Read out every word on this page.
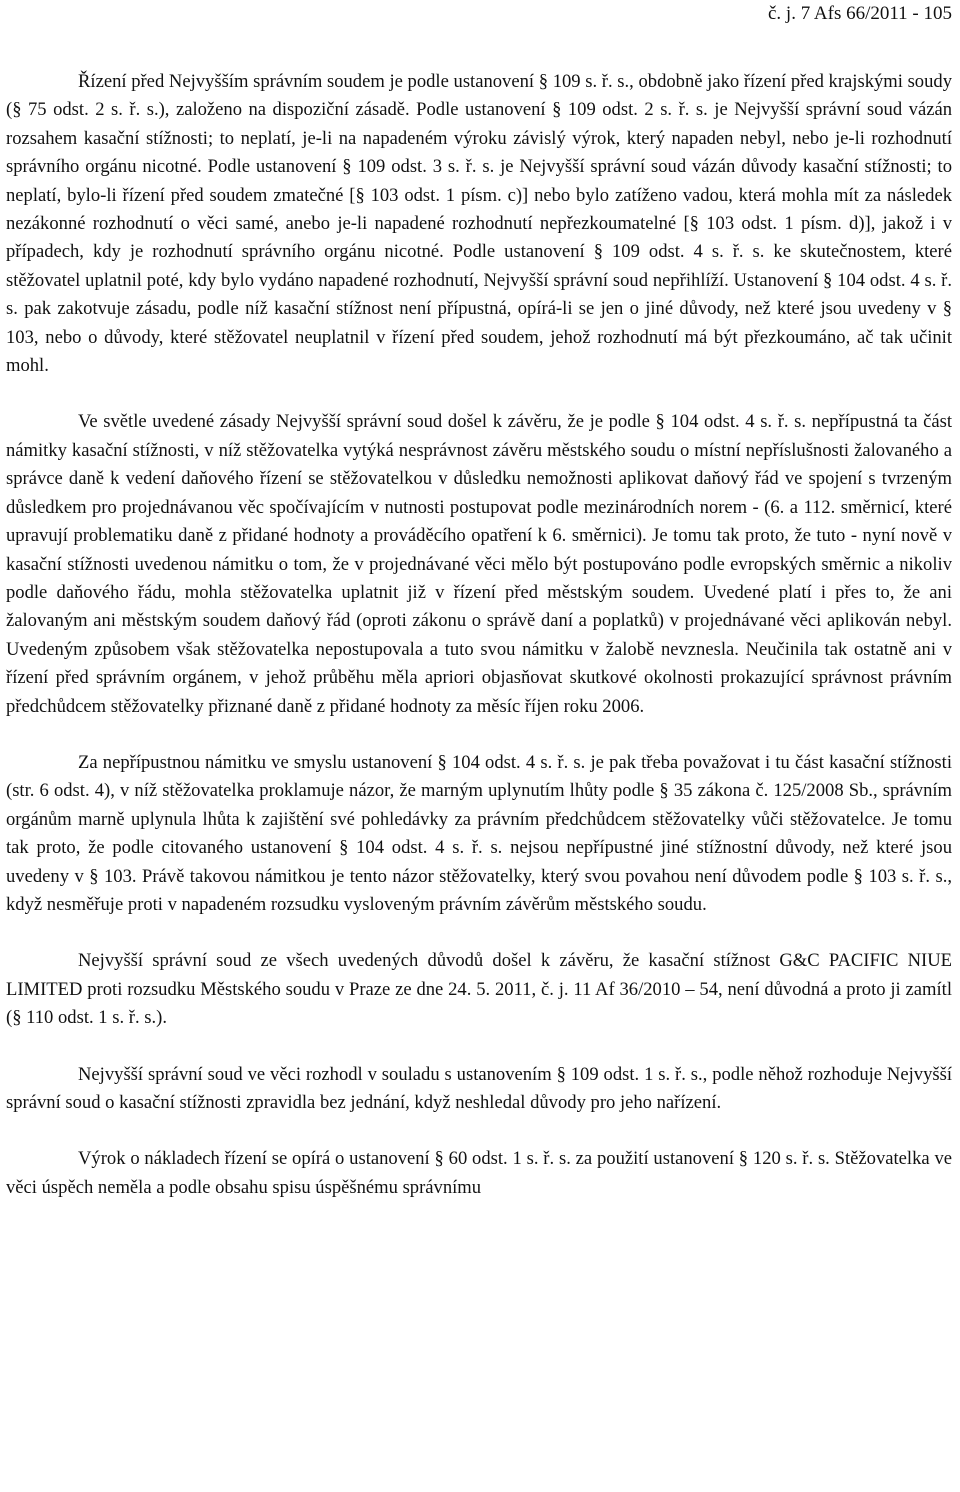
č. j. 7 Afs 66/2011 - 105

Řízení před Nejvyšším správním soudem je podle ustanovení § 109 s. ř. s., obdobně jako řízení před krajskými soudy (§ 75 odst. 2 s. ř. s.), založeno na dispoziční zásadě. Podle ustanovení § 109 odst. 2 s. ř. s. je Nejvyšší správní soud vázán rozsahem kasační stížnosti; to neplatí, je-li na napadeném výroku závislý výrok, který napaden nebyl, nebo je-li rozhodnutí správního orgánu nicotné. Podle ustanovení § 109 odst. 3 s. ř. s. je Nejvyšší správní soud vázán důvody kasační stížnosti; to neplatí, bylo-li řízení před soudem zmatečné [§ 103 odst. 1 písm. c)] nebo bylo zatíženo vadou, která mohla mít za následek nezákonné rozhodnutí o věci samé, anebo je-li napadené rozhodnutí nepřezkoumatelné [§ 103 odst. 1 písm. d)], jakož i v případech, kdy je rozhodnutí správního orgánu nicotné. Podle ustanovení § 109 odst. 4 s. ř. s. ke skutečnostem, které stěžovatel uplatnil poté, kdy bylo vydáno napadené rozhodnutí, Nejvyšší správní soud nepřihlíží. Ustanovení § 104 odst. 4 s. ř. s. pak zakotvuje zásadu, podle níž kasační stížnost není přípustná, opírá-li se jen o jiné důvody, než které jsou uvedeny v § 103, nebo o důvody, které stěžovatel neuplatnil v řízení před soudem, jehož rozhodnutí má být přezkoumáno, ač tak učinit mohl.

Ve světle uvedené zásady Nejvyšší správní soud došel k závěru, že je podle § 104 odst. 4 s. ř. s. nepřípustná ta část námitky kasační stížnosti, v níž stěžovatelka vytýká nesprávnost závěru městského soudu o místní nepříslušnosti žalovaného a správce daně k vedení daňového řízení se stěžovatelkou v důsledku nemožnosti aplikovat daňový řád ve spojení s tvrzeným důsledkem pro projednávanou věc spočívajícím v nutnosti postupovat podle mezinárodních norem - (6. a 112. směrnicí, které upravují problematiku daně z přidané hodnoty a prováděcího opatření k 6. směrnici). Je tomu tak proto, že tuto - nyní nově v kasační stížnosti uvedenou námitku o tom, že v projednávané věci mělo být postupováno podle evropských směrnic a nikoliv podle daňového řádu, mohla stěžovatelka uplatnit již v řízení před městským soudem. Uvedené platí i přes to, že ani žalovaným ani městským soudem daňový řád (oproti zákonu o správě daní a poplatků) v projednávané věci aplikován nebyl. Uvedeným způsobem však stěžovatelka nepostupovala a tuto svou námitku v žalobě nevznesla. Neučinila tak ostatně ani v řízení před správním orgánem, v jehož průběhu měla apriori objasňovat skutkové okolnosti prokazující správnost právním předchůdcem stěžovatelky přiznané daně z přidané hodnoty za měsíc říjen roku 2006.

Za nepřípustnou námitku ve smyslu ustanovení § 104 odst. 4 s. ř. s. je pak třeba považovat i tu část kasační stížnosti (str. 6 odst. 4), v níž stěžovatelka proklamuje názor, že marným uplynutím lhůty podle § 35 zákona č. 125/2008 Sb., správním orgánům marně uplynula lhůta k zajištění své pohledávky za právním předchůdcem stěžovatelky vůči stěžovatelce. Je tomu tak proto, že podle citovaného ustanovení § 104 odst. 4 s. ř. s. nejsou nepřípustné jiné stížnostní důvody, než které jsou uvedeny v § 103. Právě takovou námitkou je tento názor stěžovatelky, který svou povahou není důvodem podle § 103 s. ř. s., když nesměřuje proti v napadeném rozsudku vysloveným právním závěrům městského soudu.

Nejvyšší správní soud ze všech uvedených důvodů došel k závěru, že kasační stížnost G&C PACIFIC NIUE LIMITED proti rozsudku Městského soudu v Praze ze dne 24. 5. 2011, č. j. 11 Af 36/2010 – 54, není důvodná a proto ji zamítl (§ 110 odst. 1 s. ř. s.).

Nejvyšší správní soud ve věci rozhodl v souladu s ustanovením § 109 odst. 1 s. ř. s., podle něhož rozhoduje Nejvyšší správní soud o kasační stížnosti zpravidla bez jednání, když neshledal důvody pro jeho nařízení.

Výrok o nákladech řízení se opírá o ustanovení § 60 odst. 1 s. ř. s. za použití ustanovení § 120 s. ř. s. Stěžovatelka ve věci úspěch neměla a podle obsahu spisu úspěšnému správnímu
